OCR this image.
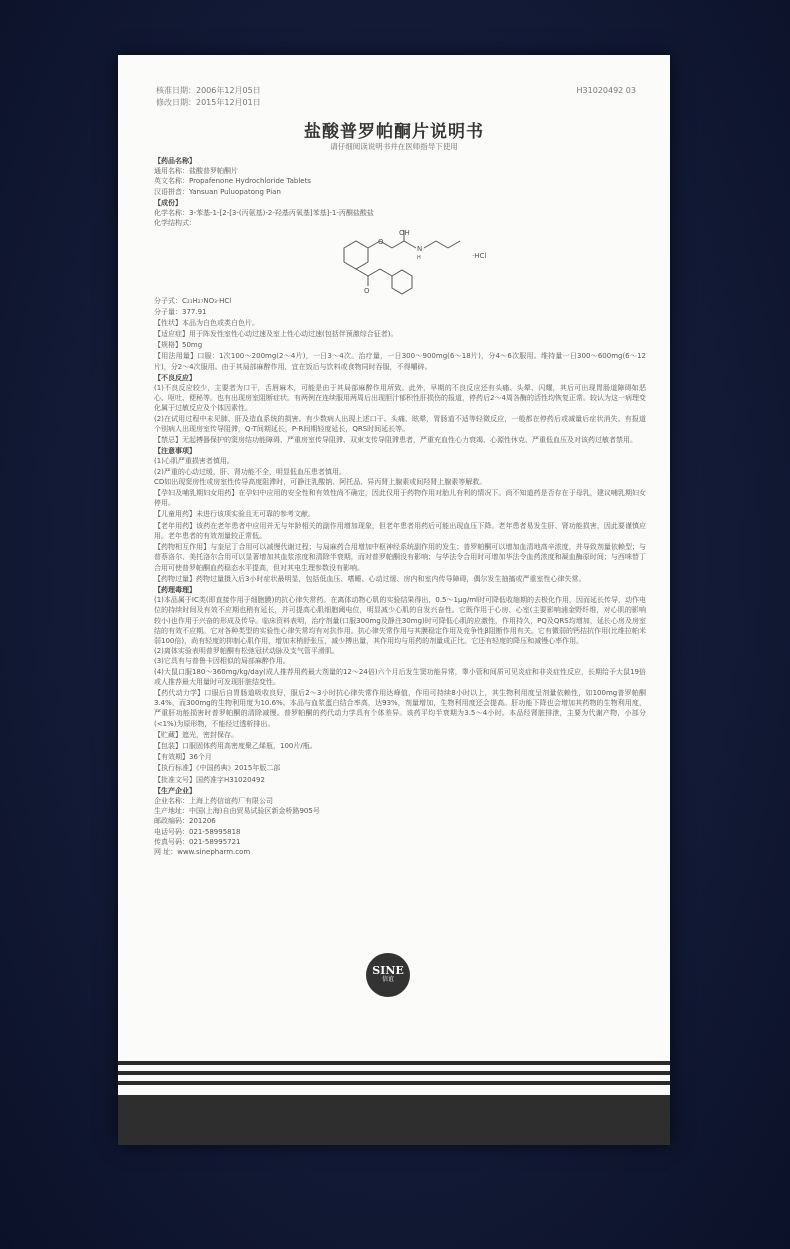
核准日期：2006年12月05日
修改日期：2015年12月01日
H31020492 03
盐酸普罗帕酮片说明书
请仔细阅读说明书并在医师指导下使用
【药品名称】
通用名称：盐酸普罗帕酮片
英文名称：Propafenone Hydrochloride Tablets
汉语拼音：Yansuan Puluopatong Pian
【成份】
化学名称：3-苯基-1-[2-[3-(丙氨基)-2-羟基丙氧基]苯基]-1-丙酮盐酸盐
化学结构式：
OH
N
H
O
O
·HCl
分子式：C₂₁H₂₇NO₃·HCl
分子量：377.91
【性状】本品为白色或类白色片。
【适应症】用于阵发性室性心动过速及室上性心动过速(包括伴预激综合征者)。
【规格】50mg
【用法用量】口服：1次100～200mg(2～4片)，一日3～4次。治疗量，一日300～900mg(6～18片)，分4～6次服用。维持量一日300～600mg(6～12片)，分2～4次服用。由于其局部麻醉作用，宜在饭后与饮料或食物同时吞服，不得嚼碎。
【不良反应】
(1)不良反应较少，主要者为口干，舌唇麻木，可能是由于其局部麻醉作用所致。此外，早期的不良反应还有头痛、头晕、闪耀，其后可出现胃肠道障碍如恶心、呕吐、便秘等。也有出现房室阻断症状。有两例在连续服用两周后出现胆汁郁积性肝损伤的报道，停药后2～4周各酶的活性均恢复正常。较认为这一病理变化属于过敏反应及个体因素性。
(2)在试用过程中未见肺、肝及造血系统的损害。有少数病人出现上述口干、头痛、眩晕，胃肠道不适等轻微反应，一般都在停药后或减量后症状消失。有报道个别病人出现房室传导阻滞，Q-T间期延长，P-R间期轻度延长，QRS时间延长等。
【禁忌】无起搏器保护的窦房结功能障碍、严重房室传导阻滞、双束支传导阻滞患者，严重充血性心力衰竭、心源性休克、严重低血压及对该药过敏者禁用。
【注意事项】
(1)心肌严重损害者慎用。
(2)严重的心动过缓，肝、肾功能不全，明显低血压患者慎用。
CD如出现窦房性或房室性传导高度阻滞时，可静注乳酸钠、阿托品、异丙肾上腺素或间羟肾上腺素等解救。
【孕妇及哺乳期妇女用药】在孕妇中应用的安全性和有效性尚不确定，因此仅用于药物作用对胎儿有利的情况下。尚不知道药是否存在于母乳，建议哺乳期妇女停用。
【儿童用药】未进行该项实验且无可靠的参考文献。
【老年用药】该药在老年患者中应用并无与年龄相关的副作用增加现象，但老年患者用药后可能出现血压下降。老年患者易发生肝、肾功能损害，因此要谨慎应用。老年患者的有效剂量较正常低。
【药物相互作用】与奎尼丁合用可以减慢代谢过程；与局麻药合用增加中枢神经系统副作用的发生；普罗帕酮可以增加血清地高辛浓度，并导致剂量依赖型；与普萘洛尔、美托洛尔合用可以显著增加其血浆浓度和清除半衰期，而对普罗帕酮没有影响；与华法令合用时可增加华法令血药浓度和凝血酶原时间；与西咪替丁合用可使普罗帕酮血药稳态水平提高，但对其电生理参数没有影响。
【药物过量】药物过量摄入后3小时症状最明显，包括低血压、嗜睡、心动过缓、房内和室内传导障碍，偶尔发生抽搐或严重室性心律失常。
【药理毒理】
(1)本品属于IC类(即直接作用于细胞膜)的抗心律失常药。在离体动物心肌的实验结果得出，0.5～1μg/ml时可降低收缩期的去极化作用，因而延长传导，动作电位的持续时间及有效不应期也稍有延长，并可提高心肌细胞阈电位，明显减少心肌的自发兴奋性。它既作用于心房、心室(主要影响浦金野纤维，对心肌的影响较小)也作用于兴奋的形成及传导。临床资料表明，治疗剂量(口服300mg及静注30mg)时可降低心肌的应激性，作用持久，PQ及QRS均增加，延长心房及房室结的有效不应期。它对各种类型的实验性心律失常均有对抗作用。抗心律失常作用与其膜稳定作用及竞争性β阻断作用有关。它有微弱的钙拮抗作用(比维拉帕米弱100倍)，尚有轻度的抑制心肌作用，增加末梢舒张压，减少搏出量，其作用均与用药的剂量成正比。它还有轻度的降压和减慢心率作用。
(2)离体实验表明普罗帕酮有松弛冠状动脉及支气管平滑肌。
(3)它具有与普鲁卡因相似的局部麻醉作用。
(4)大鼠口服180～360mg/kg/day(成人推荐用药最大剂量的12～24倍)六个月后发生窦功能异常，睾小管和间质可见炎症和非炎症性反应，长期给予大鼠19倍或人推荐最大用量时可发现肝脏结变性。
【药代动力学】口服后自胃肠道吸收良好，服后2～3小时抗心律失常作用达峰值，作用可持续8小时以上，其生物利用度呈剂量依赖性，如100mg普罗帕酮3.4%，而300mg的生物利用度为10.6%。本品与血浆蛋白结合率高，达93%，剂量增加，生物利用度还会提高。肝功能下降也会增加其药物的生物利用度，严重肝功能损害时普罗帕酮的清除减慢。普罗帕酮的药代动力学具有个体差异。该药平均半衰期为3.5～4小时。本品经肾脏排泄，主要为代谢产物，小部分(<1%)为原形物，不能经过透析排出。
【贮藏】遮光，密封保存。
【包装】口服固体药用高密度聚乙烯瓶，100片/瓶。
【有效期】36个月
【执行标准】《中国药典》2015年版二部
【批准文号】国药准字H31020492
【生产企业】
企业名称：上海上药信谊药厂有限公司
生产地址：中国(上海)自由贸易试验区新金桥路905号
邮政编码：201206
电话号码：021-58995818
传真号码：021-58995721
网 址：www.sinepharm.com
SINE
信谊
